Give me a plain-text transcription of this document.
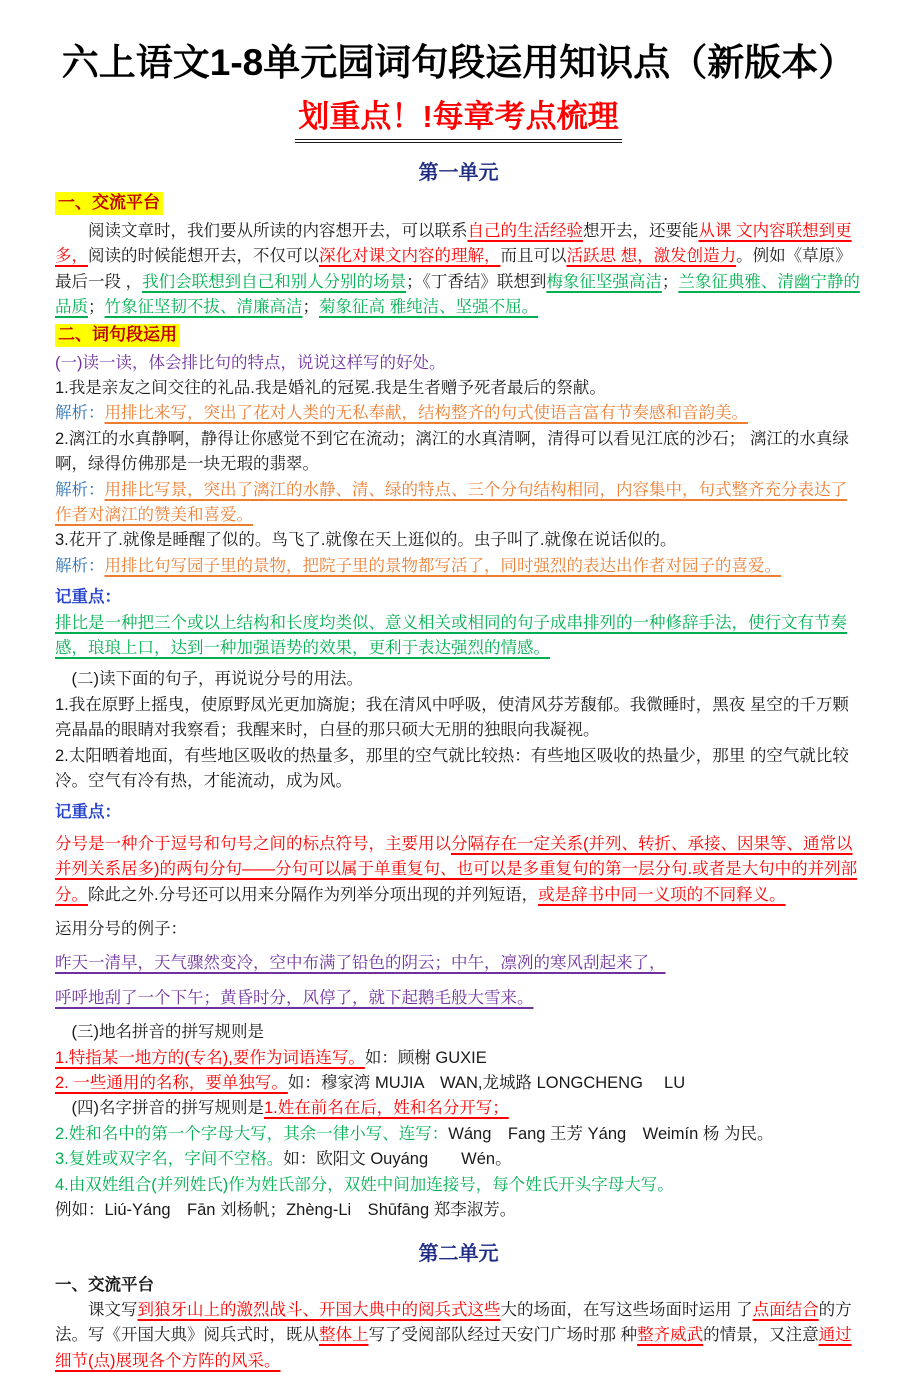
六上语文1-8单元园词句段运用知识点（新版本）
划重点！!每章考点梳理
第一单元
一、交流平台

阅读文章时，我们要从所读的内容想开去，可以联系自己的生活经验想开去，还要能从课 文内容联想到更多，阅读的时候能想开去，不仅可以深化对课文内容的理解，而且可以活跃思 想，激发创造力。例如《草原》最后一段 ，我们会联想到自己和别人分别的场景；《丁香结》联想到梅象征坚强高洁；兰象征典雅、清幽宁静的品质；竹象征坚韧不拔、清廉高洁；菊象征高 雅纯洁、坚强不屈。

二、词句段运用

(一)读一读，体会排比句的特点，说说这样写的好处。

1.我是亲友之间交往的礼品.我是婚礼的冠冕.我是生者赠予死者最后的祭献。

解析：用排比来写，突出了花对人类的无私奉献，结构整齐的句式使语言富有节奏感和音韵美。

2.漓江的水真静啊，静得让你感觉不到它在流动；漓江的水真清啊，清得可以看见江底的沙石； 漓江的水真绿啊，绿得仿佛那是一块无瑕的翡翠。

解析：用排比写景，突出了漓江的水静、清、绿的特点、三个分句结构相同，内容集中，句式整齐充分表达了作者对漓江的赞美和喜爱。

3.花开了.就像是睡醒了似的。鸟飞了.就像在天上逛似的。虫子叫了.就像在说话似的。

解析：用排比句写园子里的景物，把院子里的景物都写活了，同时强烈的表达出作者对园子的喜爱。

记重点：

排比是一种把三个或以上结构和长度均类似、意义相关或相同的句子成串排列的一种修辞手法，使行文有节奏感，琅琅上口，达到一种加强语势的效果，更利于表达强烈的情感。

(二)读下面的句子，再说说分号的用法。

1.我在原野上摇曳，使原野凤光更加旖旎；我在清风中呼吸，使清风芬芳馥郁。我微睡时，黑夜 星空的千万颗亮晶晶的眼睛对我察看；我醒来时，白昼的那只硕大无朋的独眼向我凝视。

2.太阳晒着地面，有些地区吸收的热量多，那里的空气就比较热：有些地区吸收的热量少，那里 的空气就比较冷。空气有冷有热，才能流动，成为风。

记重点：

分号是一种介于逗号和句号之间的标点符号，主要用以分隔存在一定关系(并列、转折、承接、因果等、通常以并列关系居多)的两句分句——分句可以属于单重复句、也可以是多重复句的第一层分句.或者是大句中的并列部分。除此之外.分号还可以用来分隔作为列举分项出现的并列短语，或是辞书中同一义项的不同释义。

运用分号的例子：

昨天一清早，天气骤然变冷，空中布满了铅色的阴云；中午，凛冽的寒风刮起来了，

呼呼地刮了一个下午；黄昏时分，风停了，就下起鹅毛般大雪来。

(三)地名拼音的拼写规则是

1.特指某一地方的(专名),要作为词语连写。如：顾榭 GUXIE

2. 一些通用的名称，要单独写。如：穆家湾 MUJIA　WAN,龙城路 LONGCHENG　 LU

(四)名字拼音的拼写规则是1.姓在前名在后，姓和名分开写；

2.姓和名中的第一个字母大写，其余一律小写、连写：Wáng　Fang 王芳 Yáng　Weimín 杨 为民。

3.复姓或双字名，字间不空格。如：欧阳文 Ouyáng　　Wén。

4.由双姓组合(并列姓氏)作为姓氏部分，双姓中间加连接号，每个姓氏开头字母大写。

例如：Liú-Yáng　Fān 刘杨帆；Zhèng-Li　Shūfāng 郑李淑芳。

第二单元

一、交流平台

课文写到狼牙山上的激烈战斗、开国大典中的阅兵式这些大的场面，在写这些场面时运用 了点面结合的方法。写《开国大典》阅兵式时，既从整体上写了受阅部队经过天安门广场时那 种整齐威武的情景，又注意通过细节(点)展现各个方阵的风采。
